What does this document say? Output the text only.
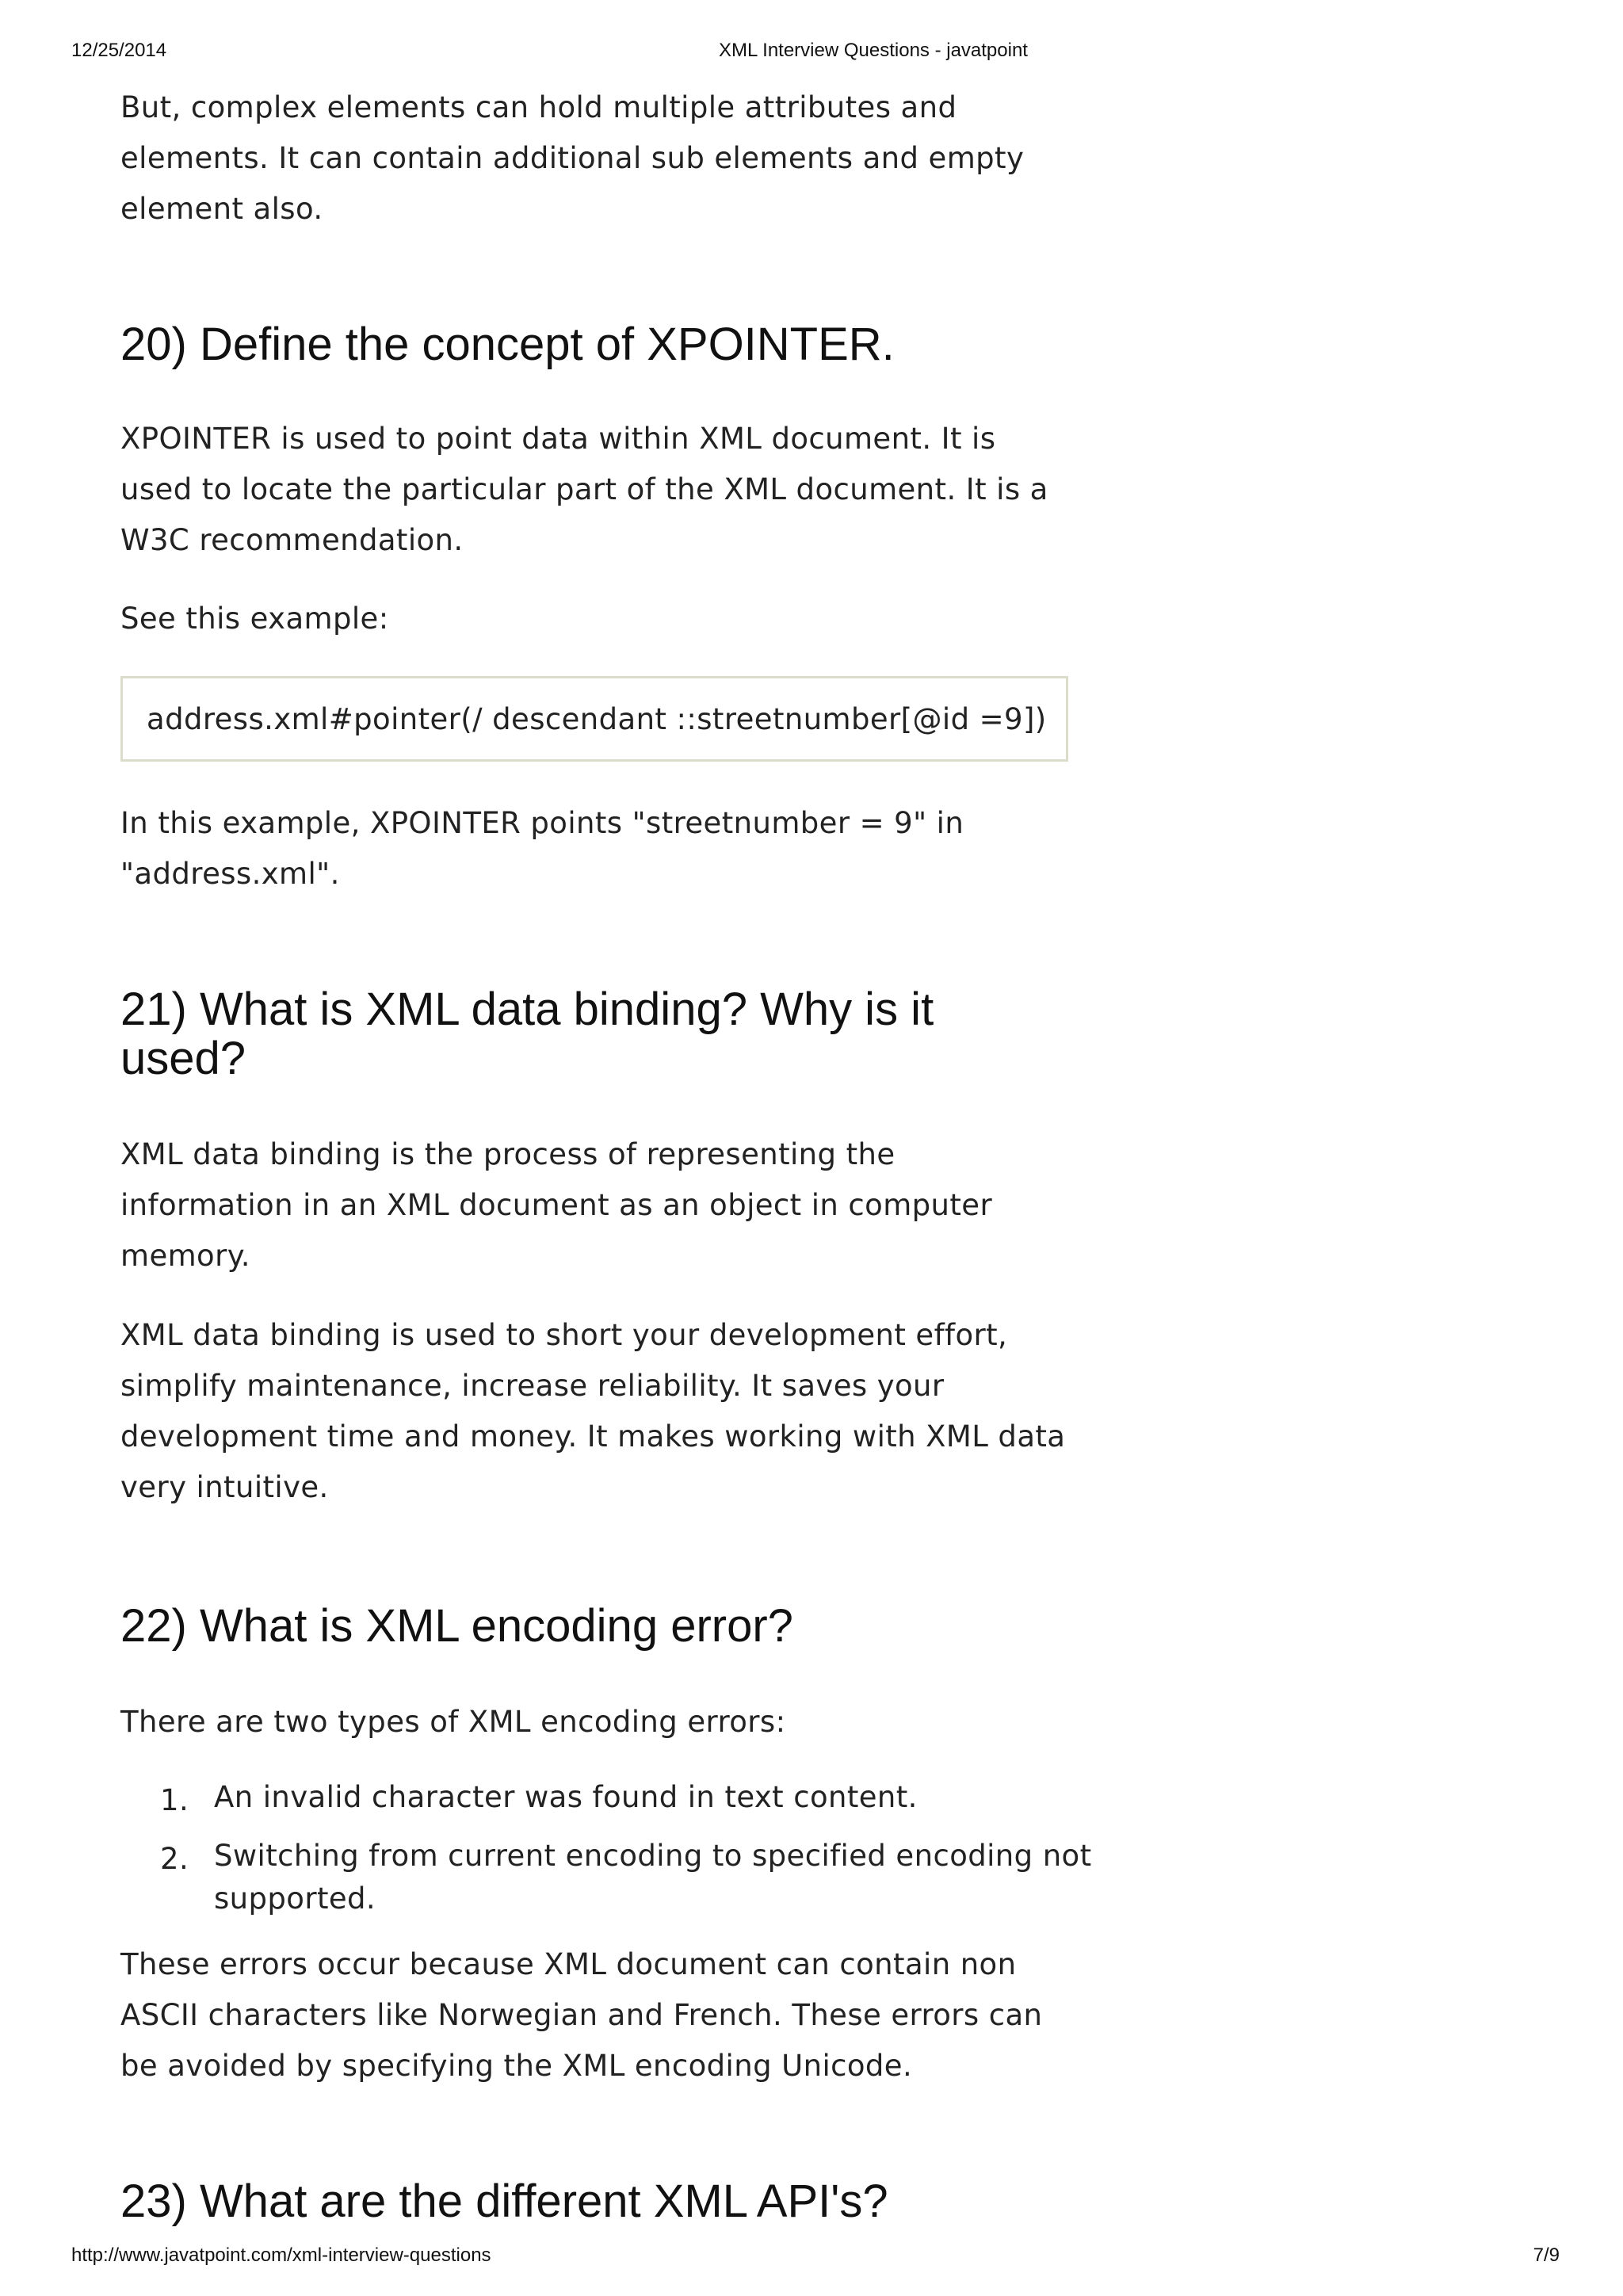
12/25/2014	XML Interview Questions - javatpoint

But, complex elements can hold multiple attributes and elements. It can contain additional sub elements and empty element also.

20) Define the concept of XPOINTER.

XPOINTER is used to point data within XML document. It is used to locate the particular part of the XML document. It is a W3C recommendation.

See this example:

address.xml#pointer(/ descendant ::streetnumber[@id =9])

In this example, XPOINTER points "streetnumber = 9" in "address.xml".

21) What is XML data binding? Why is it used?

XML data binding is the process of representing the information in an XML document as an object in computer memory.

XML data binding is used to short your development effort, simplify maintenance, increase reliability. It saves your development time and money. It makes working with XML data very intuitive.

22) What is XML encoding error?

There are two types of XML encoding errors:

1. An invalid character was found in text content.
2. Switching from current encoding to specified encoding not supported.

These errors occur because XML document can contain non ASCII characters like Norwegian and French. These errors can be avoided by specifying the XML encoding Unicode.

23) What are the different XML API's?
http://www.javatpoint.com/xml-interview-questions	7/9
